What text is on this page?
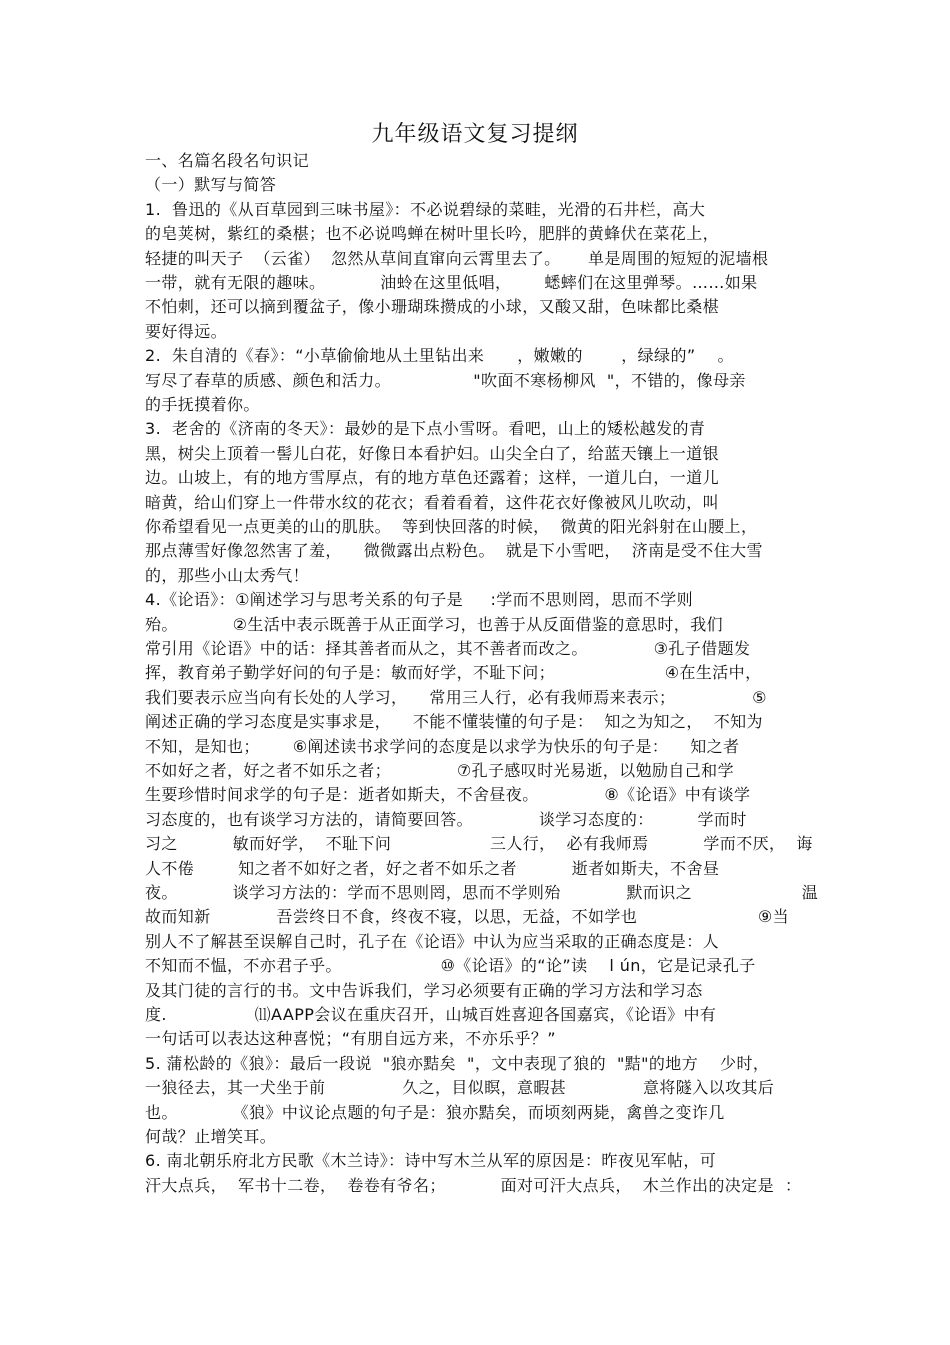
九年级语文复习提纲
一、名篇名段名句识记
（一）默写与简答
1.  鲁迅的《从百草园到三味书屋》：不必说碧绿的菜畦，光滑的石井栏，高大
的皂荚树，紫红的桑椹；也不必说鸣蝉在树叶里长吟，肥胖的黄蜂伏在菜花上，
轻捷的叫天子  （云雀）  忽然从草间直窜向云霄里去了。     单是周围的短短的泥墙根
一带，就有无限的趣味。          油蛉在这里低唱，      蟋蟀们在这里弹琴。……如果
不怕刺，还可以摘到覆盆子，像小珊瑚珠攒成的小球，又酸又甜，色味都比桑椹
要好得远。
2.  朱自清的《春》：“小草偷偷地从土里钻出来      ，嫩嫩的       ，绿绿的”    。
写尽了春草的质感、颜色和活力。               "吹面不寒杨柳风  "，不错的，像母亲
的手抚摸着你。
3.  老舍的《济南的冬天》：最妙的是下点小雪呀。看吧，山上的矮松越发的青
黑，树尖上顶着一髻儿白花，好像日本看护妇。山尖全白了，给蓝天镶上一道银
边。山坡上，有的地方雪厚点，有的地方草色还露着；这样，一道儿白，一道儿
暗黄，给山们穿上一件带水纹的花衣；看着看着，这件花衣好像被风儿吹动，叫
你希望看见一点更美的山的肌肤。  等到快回落的时候，  微黄的阳光斜射在山腰上，
那点薄雪好像忽然害了羞，    微微露出点粉色。  就是下小雪吧，  济南是受不住大雪
的，那些小山太秀气！
4.《论语》：①阐述学习与思考关系的句子是     :学而不思则罔，思而不学则
殆。          ②生活中表示既善于从正面学习，也善于从反面借鉴的意思时，我们
常引用《论语》中的话：择其善者而从之，其不善者而改之。            ③孔子借题发
挥，教育弟子勤学好问的句子是：敏而好学，不耻下问；                    ④在生活中，
我们要表示应当向有长处的人学习，    常用三人行，必有我师焉来表示；              ⑤
阐述正确的学习态度是实事求是，    不能不懂装懂的句子是：  知之为知之，  不知为
不知，是知也；      ⑥阐述读书求学问的态度是以求学为快乐的句子是：    知之者
不如好之者，好之者不如乐之者；            ⑦孔子感叹时光易逝，以勉励自己和学
生要珍惜时间求学的句子是：逝者如斯夫，不舍昼夜。            ⑧《论语》中有谈学
习态度的，也有谈学习方法的，请简要回答。            谈学习态度的：        学而时
习之          敏而好学，  不耻下问                  三人行，  必有我师焉          学而不厌，  诲
人不倦        知之者不如好之者，好之者不如乐之者          逝者如斯夫，不舍昼
夜。          谈学习方法的：学而不思则罔，思而不学则殆            默而识之                    温
故而知新            吾尝终日不食，终夜不寝，以思，无益，不如学也                      ⑨当
别人不了解甚至误解自己时，孔子在《论语》中认为应当采取的正确态度是：人
不知而不愠，不亦君子乎。                  ⑩《论语》的“论”读    l ún，它是记录孔子
及其门徒的言行的书。文中告诉我们，学习必须要有正确的学习方法和学习态
度.                ⑾AAPP会议在重庆召开，山城百姓喜迎各国嘉宾，《论语》中有
一句话可以表达这种喜悦；“有朋自远方来，不亦乐乎？”
5. 蒲松龄的《狼》：最后一段说  "狼亦黠矣  "，文中表现了狼的  "黠"的地方    少时，
一狼径去，其一犬坐于前              久之，目似瞑，意暇甚              意将隧入以攻其后
也。          《狼》中议论点题的句子是：狼亦黠矣，而顷刻两毙，禽兽之变诈几
何哉？止增笑耳。
6. 南北朝乐府北方民歌《木兰诗》：诗中写木兰从军的原因是：昨夜见军帖，可
汗大点兵，  军书十二卷，  卷卷有爷名；          面对可汗大点兵，  木兰作出的决定是  ：
